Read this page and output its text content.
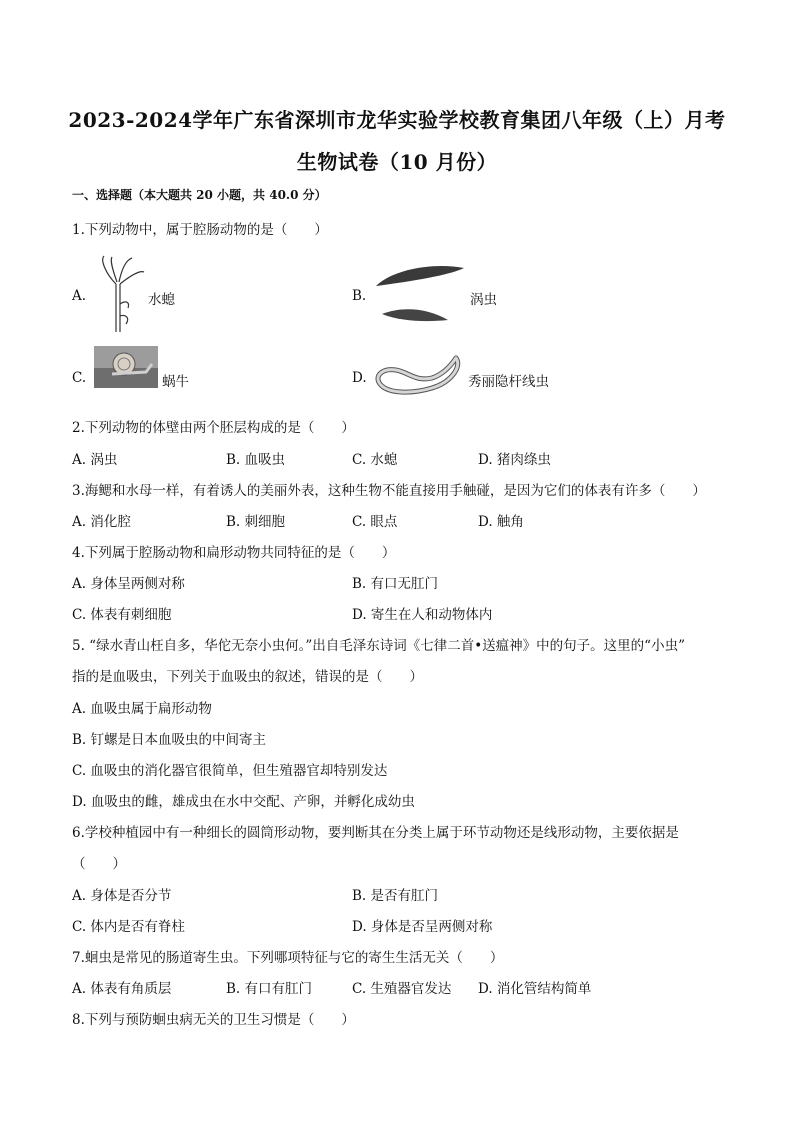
2023-2024学年广东省深圳市龙华实验学校教育集团八年级（上）月考
生物试卷（10 月份）
一、选择题（本大题共 20 小题，共 40.0 分）
1.下列动物中，属于腔肠动物的是（　　）
A.	水螅	B.	涡虫
C.	蜗牛	D.	秀丽隐杆线虫
2.下列动物的体壁由两个胚层构成的是（　　）
A. 涡虫	B. 血吸虫	C. 水螅	D. 猪肉绦虫
3.海鳃和水母一样，有着诱人的美丽外表，这种生物不能直接用手触碰，是因为它们的体表有许多（　　）
A. 消化腔	B. 刺细胞	C. 眼点	D. 触角
4.下列属于腔肠动物和扁形动物共同特征的是（　　）
A. 身体呈两侧对称	B. 有口无肛门
C. 体表有刺细胞	D. 寄生在人和动物体内
5. “绿水青山枉自多，华佗无奈小虫何。”出自毛泽东诗词《七律二首•送瘟神》中的句子。这里的“小虫”
指的是血吸虫，下列关于血吸虫的叙述，错误的是（　　）
A. 血吸虫属于扁形动物
B. 钉螺是日本血吸虫的中间寄主
C. 血吸虫的消化器官很简单，但生殖器官却特别发达
D. 血吸虫的雌，雄成虫在水中交配、产卵，并孵化成幼虫
6.学校种植园中有一种细长的圆筒形动物，要判断其在分类上属于环节动物还是线形动物，主要依据是
（　　）
A. 身体是否分节	B. 是否有肛门
C. 体内是否有脊柱	D. 身体是否呈两侧对称
7.蛔虫是常见的肠道寄生虫。下列哪项特征与它的寄生生活无关（　　）
A. 体表有角质层	B. 有口有肛门	C. 生殖器官发达 D. 消化管结构简单
8.下列与预防蛔虫病无关的卫生习惯是（　　）
